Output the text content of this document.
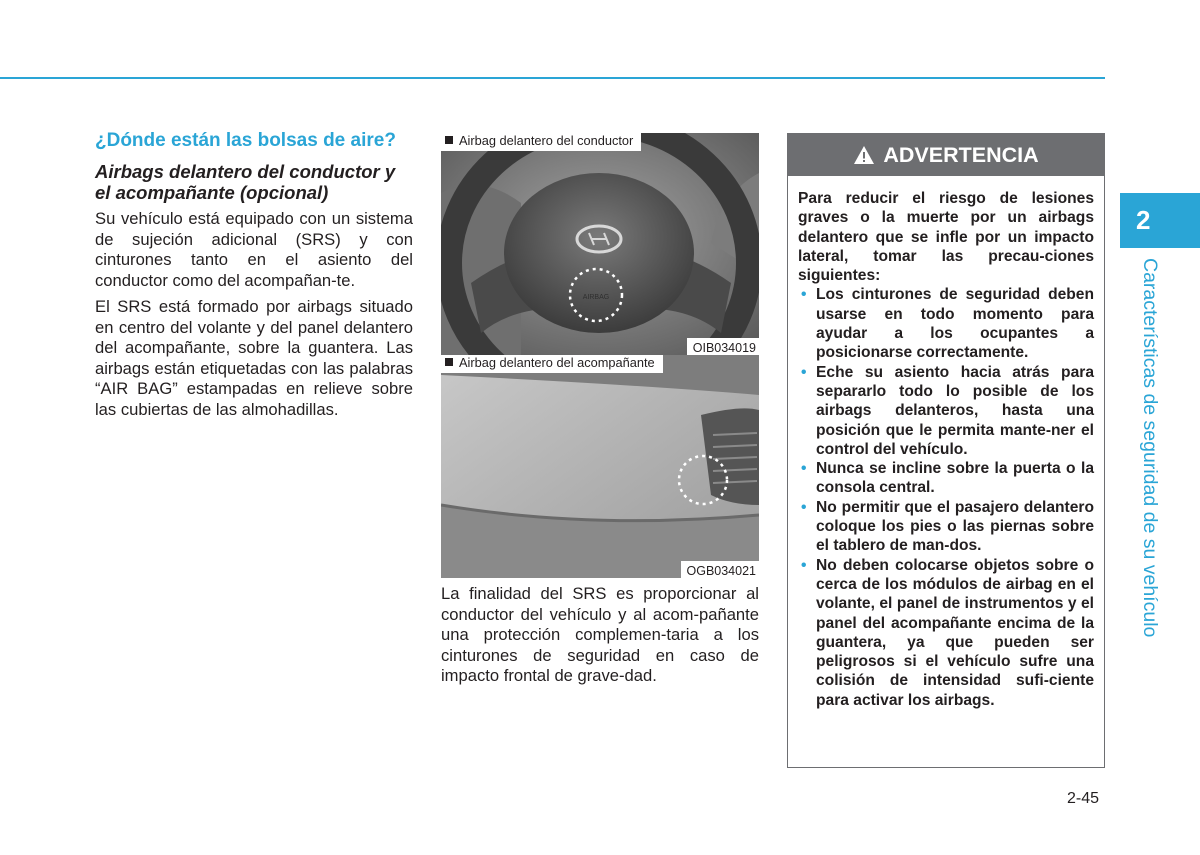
¿Dónde están las bolsas de aire?
Airbags delantero del conductor y el acompañante (opcional)

Su vehículo está equipado con un sistema de sujeción adicional (SRS) y con cinturones tanto en el asiento del conductor como del acompañan-te.

El SRS está formado por airbags situado en centro del volante y del panel delantero del acompañante, sobre la guantera. Las airbags están etiquetadas con las palabras “AIR BAG” estampadas en relieve sobre las cubiertas de las almohadillas.

AIRBAG
Airbag delantero del conductor
OIB034019
Airbag delantero del acompañante
OGB034021

La finalidad del SRS es proporcionar al conductor del vehículo y al acom-pañante una protección complemen-taria a los cinturones de seguridad en caso de impacto frontal de grave-dad.

ADVERTENCIA

Para reducir el riesgo de lesiones graves o la muerte por un airbags delantero que se infle por un impacto lateral, tomar las precau-ciones siguientes:

• Los cinturones de seguridad deben usarse en todo momento para ayudar a los ocupantes a posicionarse correctamente.
• Eche su asiento hacia atrás para separarlo todo lo posible de los airbags delanteros, hasta una posición que le permita mante-ner el control del vehículo.
• Nunca se incline sobre la puerta o la consola central.
• No permitir que el pasajero delantero coloque los pies o las piernas sobre el tablero de man-dos.
• No deben colocarse objetos sobre o cerca de los módulos de airbag en el volante, el panel de instrumentos y el panel del acompañante encima de la guantera, ya que pueden ser peligrosos si el vehículo sufre una colisión de intensidad sufi-ciente para activar los airbags.
2
Características de seguridad de su vehículo
2-45
